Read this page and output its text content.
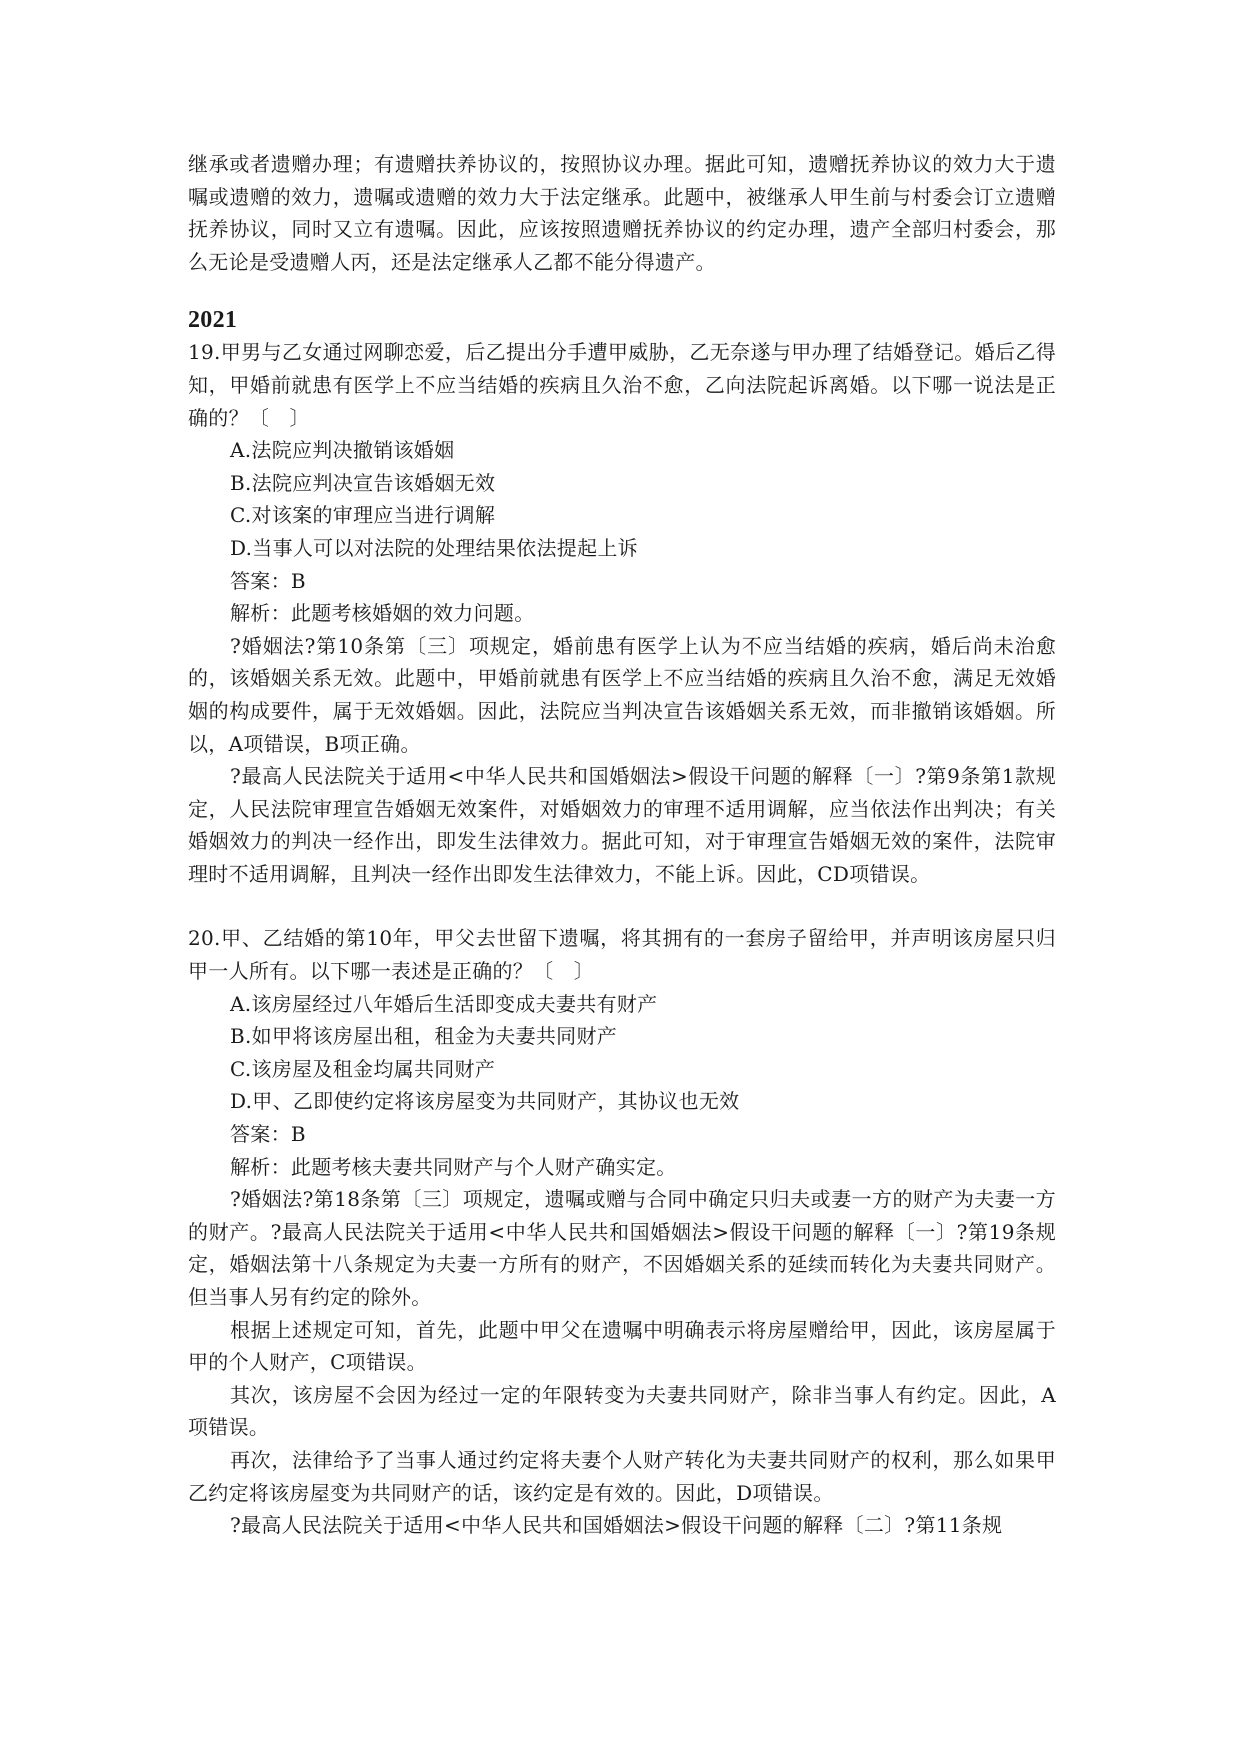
继承或者遗赠办理；有遗赠扶养协议的，按照协议办理。据此可知，遗赠抚养协议的效力大于遗嘱或遗赠的效力，遗嘱或遗赠的效力大于法定继承。此题中，被继承人甲生前与村委会订立遗赠抚养协议，同时又立有遗嘱。因此，应该按照遗赠抚养协议的约定办理，遗产全部归村委会，那么无论是受遗赠人丙，还是法定继承人乙都不能分得遗产。

2021

19.甲男与乙女通过网聊恋爱，后乙提出分手遭甲威胁，乙无奈遂与甲办理了结婚登记。婚后乙得知，甲婚前就患有医学上不应当结婚的疾病且久治不愈，乙向法院起诉离婚。以下哪一说法是正确的？〔　〕

A.法院应判决撤销该婚姻

B.法院应判决宣告该婚姻无效

C.对该案的审理应当进行调解

D.当事人可以对法院的处理结果依法提起上诉

答案：B

解析：此题考核婚姻的效力问题。

?婚姻法?第10条第〔三〕项规定，婚前患有医学上认为不应当结婚的疾病，婚后尚未治愈的，该婚姻关系无效。此题中，甲婚前就患有医学上不应当结婚的疾病且久治不愈，满足无效婚姻的构成要件，属于无效婚姻。因此，法院应当判决宣告该婚姻关系无效，而非撤销该婚姻。所以，A项错误，B项正确。

?最高人民法院关于适用<中华人民共和国婚姻法>假设干问题的解释〔一〕?第9条第1款规定，人民法院审理宣告婚姻无效案件，对婚姻效力的审理不适用调解，应当依法作出判决；有关婚姻效力的判决一经作出，即发生法律效力。据此可知，对于审理宣告婚姻无效的案件，法院审理时不适用调解，且判决一经作出即发生法律效力，不能上诉。因此，CD项错误。

20.甲、乙结婚的第10年，甲父去世留下遗嘱，将其拥有的一套房子留给甲，并声明该房屋只归甲一人所有。以下哪一表述是正确的？〔　〕

A.该房屋经过八年婚后生活即变成夫妻共有财产

B.如甲将该房屋出租，租金为夫妻共同财产

C.该房屋及租金均属共同财产

D.甲、乙即使约定将该房屋变为共同财产，其协议也无效

答案：B

解析：此题考核夫妻共同财产与个人财产确实定。

?婚姻法?第18条第〔三〕项规定，遗嘱或赠与合同中确定只归夫或妻一方的财产为夫妻一方的财产。?最高人民法院关于适用<中华人民共和国婚姻法>假设干问题的解释〔一〕?第19条规定，婚姻法第十八条规定为夫妻一方所有的财产，不因婚姻关系的延续而转化为夫妻共同财产。但当事人另有约定的除外。

根据上述规定可知，首先，此题中甲父在遗嘱中明确表示将房屋赠给甲，因此，该房屋属于甲的个人财产，C项错误。

其次，该房屋不会因为经过一定的年限转变为夫妻共同财产，除非当事人有约定。因此，A项错误。

再次，法律给予了当事人通过约定将夫妻个人财产转化为夫妻共同财产的权利，那么如果甲乙约定将该房屋变为共同财产的话，该约定是有效的。因此，D项错误。

?最高人民法院关于适用<中华人民共和国婚姻法>假设干问题的解释〔二〕?第11条规
